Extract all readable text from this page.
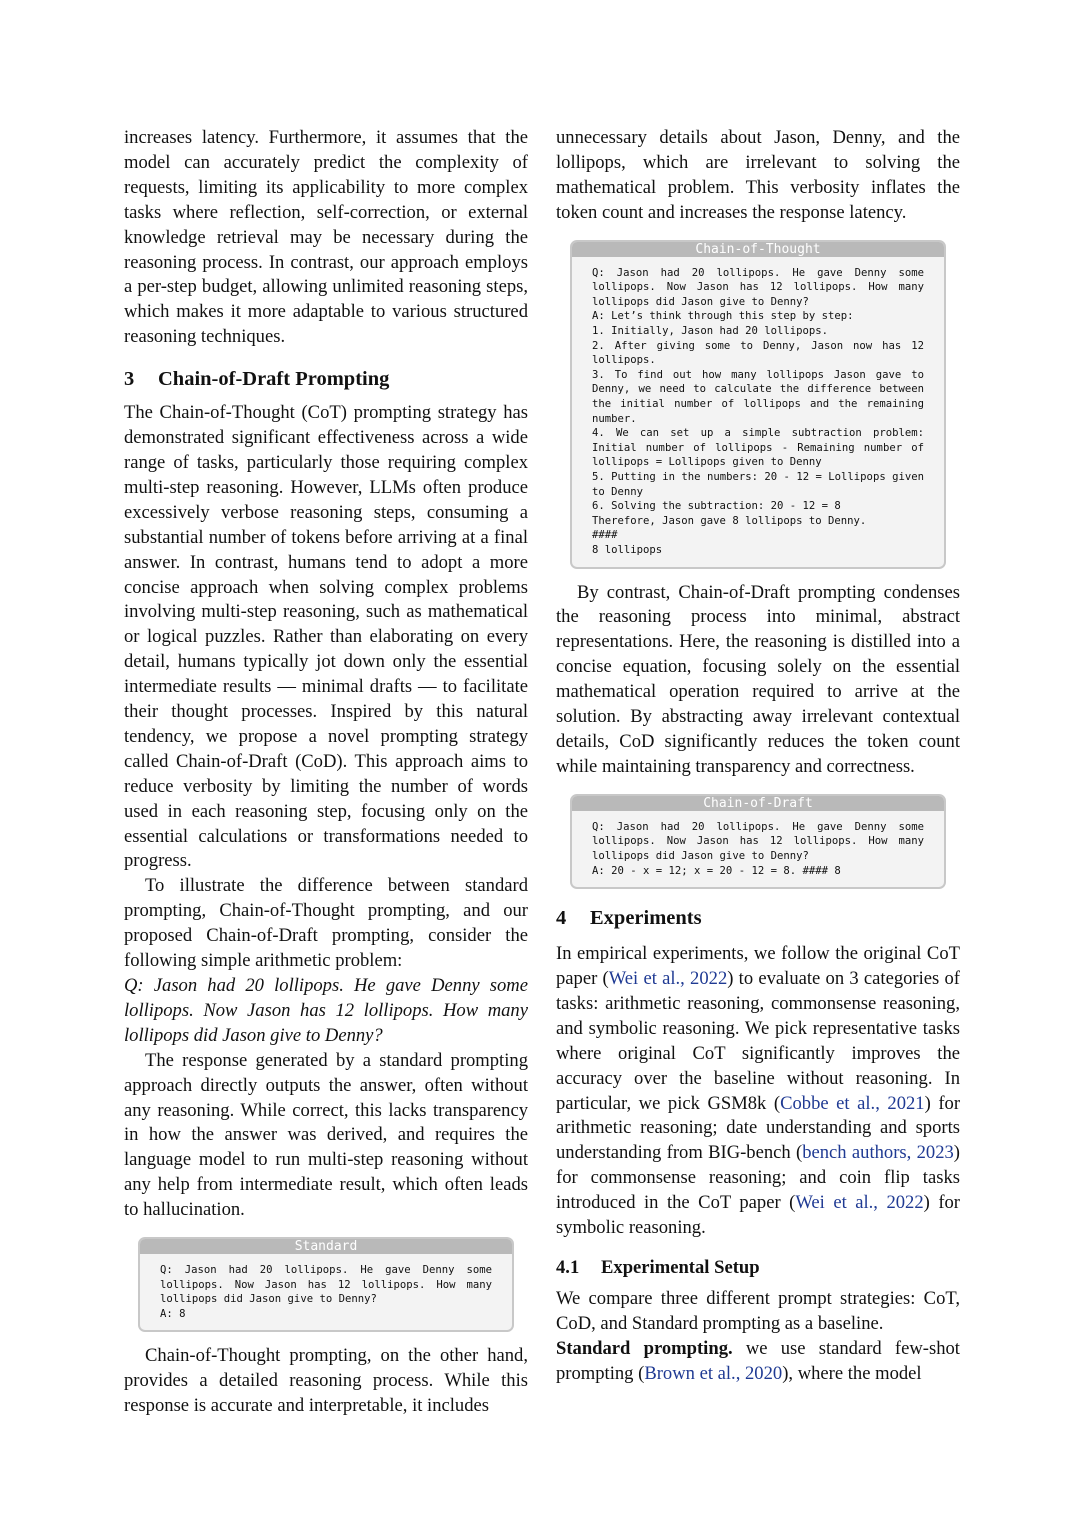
increases latency. Furthermore, it assumes that the model can accurately predict the complexity of requests, limiting its applicability to more complex tasks where reflection, self-correction, or external knowledge retrieval may be necessary during the reasoning process. In contrast, our approach employs a per-step budget, allowing unlimited reasoning steps, which makes it more adaptable to various structured reasoning techniques.

3 Chain-of-Draft Prompting

The Chain-of-Thought (CoT) prompting strategy has demonstrated significant effectiveness across a wide range of tasks, particularly those requiring complex multi-step reasoning. However, LLMs often produce excessively verbose reasoning steps, consuming a substantial number of tokens before arriving at a final answer. In contrast, humans tend to adopt a more concise approach when solving complex problems involving multi-step reasoning, such as mathematical or logical puzzles. Rather than elaborating on every detail, humans typically jot down only the essential intermediate results — minimal drafts — to facilitate their thought processes. Inspired by this natural tendency, we propose a novel prompting strategy called Chain-of-Draft (CoD). This approach aims to reduce verbosity by limiting the number of words used in each reasoning step, focusing only on the essential calculations or transformations needed to progress.

To illustrate the difference between standard prompting, Chain-of-Thought prompting, and our proposed Chain-of-Draft prompting, consider the following simple arithmetic problem:

Q: Jason had 20 lollipops. He gave Denny some lollipops. Now Jason has 12 lollipops. How many lollipops did Jason give to Denny?

The response generated by a standard prompting approach directly outputs the answer, often without any reasoning. While correct, this lacks transparency in how the answer was derived, and requires the language model to run multi-step reasoning without any help from intermediate result, which often leads to hallucination.

Standard
Q: Jason had 20 lollipops. He gave Denny some lollipops. Now Jason has 12 lollipops. How many lollipops did Jason give to Denny?
A: 8

Chain-of-Thought prompting, on the other hand, provides a detailed reasoning process. While this response is accurate and interpretable, it includes

unnecessary details about Jason, Denny, and the lollipops, which are irrelevant to solving the mathematical problem. This verbosity inflates the token count and increases the response latency.

Chain-of-Thought
Q: Jason had 20 lollipops. He gave Denny some lollipops. Now Jason has 12 lollipops. How many lollipops did Jason give to Denny?
A: Let’s think through this step by step:
1. Initially, Jason had 20 lollipops.
2. After giving some to Denny, Jason now has 12 lollipops.
3. To find out how many lollipops Jason gave to Denny, we need to calculate the difference between the initial number of lollipops and the remaining number.
4. We can set up a simple subtraction problem: Initial number of lollipops - Remaining number of lollipops = Lollipops given to Denny
5. Putting in the numbers: 20 - 12 = Lollipops given to Denny
6. Solving the subtraction: 20 - 12 = 8
Therefore, Jason gave 8 lollipops to Denny.
####
8 lollipops

By contrast, Chain-of-Draft prompting condenses the reasoning process into minimal, abstract representations. Here, the reasoning is distilled into a concise equation, focusing solely on the essential mathematical operation required to arrive at the solution. By abstracting away irrelevant contextual details, CoD significantly reduces the token count while maintaining transparency and correctness.

Chain-of-Draft
Q: Jason had 20 lollipops. He gave Denny some lollipops. Now Jason has 12 lollipops. How many lollipops did Jason give to Denny?
A: 20 - x = 12; x = 20 - 12 = 8. #### 8
4 Experiments

In empirical experiments, we follow the original CoT paper (Wei et al., 2022) to evaluate on 3 categories of tasks: arithmetic reasoning, commonsense reasoning, and symbolic reasoning. We pick representative tasks where original CoT significantly improves the accuracy over the baseline without reasoning. In particular, we pick GSM8k (Cobbe et al., 2021) for arithmetic reasoning; date understanding and sports understanding from BIG-bench (bench authors, 2023) for commonsense reasoning; and coin flip tasks introduced in the CoT paper (Wei et al., 2022) for symbolic reasoning.

4.1 Experimental Setup

We compare three different prompt strategies: CoT, CoD, and Standard prompting as a baseline.

Standard prompting. we use standard few-shot prompting (Brown et al., 2020), where the model
